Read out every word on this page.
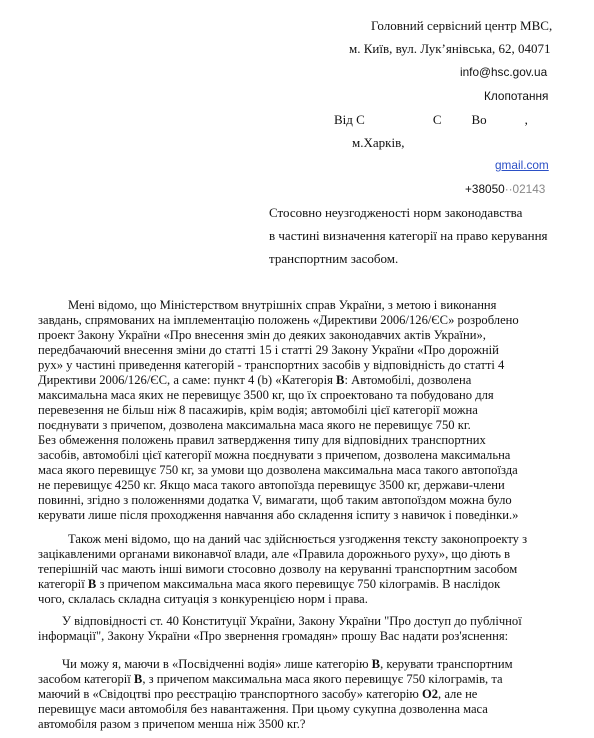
Головний сервісний центр МВС,
м. Київ, вул. Лук’янівська, 62, 04071
info@hsc.gov.ua
Клопотання
Від С	С Во	,
м.Харків,
gmail.com
+38050··02143
Стосовно неузгодженості норм законодавства
в частині визначення категорії на право керування
транспортним засобом.
Мені відомо, що Міністерством внутрішніх справ України, з метою і виконання
завдань, спрямованих на імплементацію положень «Директиви 2006/126/ЄС» розроблено
проект Закону України «Про внесення змін до деяких законодавчих актів України»,
передбачаючий внесення зміни до статті 15 і статті 29 Закону України «Про дорожній
рух» у частині приведення категорій - транспортних засобів у відповідність до статті 4
Директиви 2006/126/ЄС, а саме: пункт 4 (b) «Категорія В: Автомобілі, дозволена
максимальна маса яких не перевищує 3500 кг, що їх спроектовано та побудовано для
перевезення не більш ніж 8 пасажирів, крім водія; автомобілі цієї категорії можна
поєднувати з причепом, дозволена максимальна маса якого не перевищує 750 кг.
Без обмеження положень правил затвердження типу для відповідних транспортних
засобів, автомобілі цієї категорії можна поєднувати з причепом, дозволена максимальна
маса якого перевищує 750 кг, за умови що дозволена максимальна маса такого автопоїзда
не перевищує 4250 кг. Якщо маса такого автопоїзда перевищує 3500 кг, держави-члени
повинні, згідно з положеннями додатка V, вимагати, щоб таким автопоїздом можна було
керувати лише після проходження навчання або складення іспиту з навичок і поведінки.»
Також мені відомо, що на даний час здійснюється узгодження тексту законопроекту з
зацікавленими органами виконавчої влади, але «Правила дорожнього руху», що діють в
теперішній час мають інші вимоги стосовно дозволу на керуванні транспортним засобом
категорії В з причепом максимальна маса якого перевищує 750 кілограмів. В наслідок
чого, склалась складна ситуація з конкуренцією норм і права.
У відповідності ст. 40 Конституції України, Закону України "Про доступ до публічної
інформації", Закону України «Про звернення громадян» прошу Вас надати роз'яснення:
Чи можу я, маючи в «Посвідченні водія» лише категорію В, керувати транспортним
засобом категорії В, з причепом максимальна маса якого перевищує 750 кілограмів, та
маючий в «Свідоцтві про реєстрацію транспортного засобу» категорію О2, але не
перевищує маси автомобіля без навантаження. При цьому сукупна дозволенна маса
автомобіля разом з причепом менша ніж 3500 кг.?
